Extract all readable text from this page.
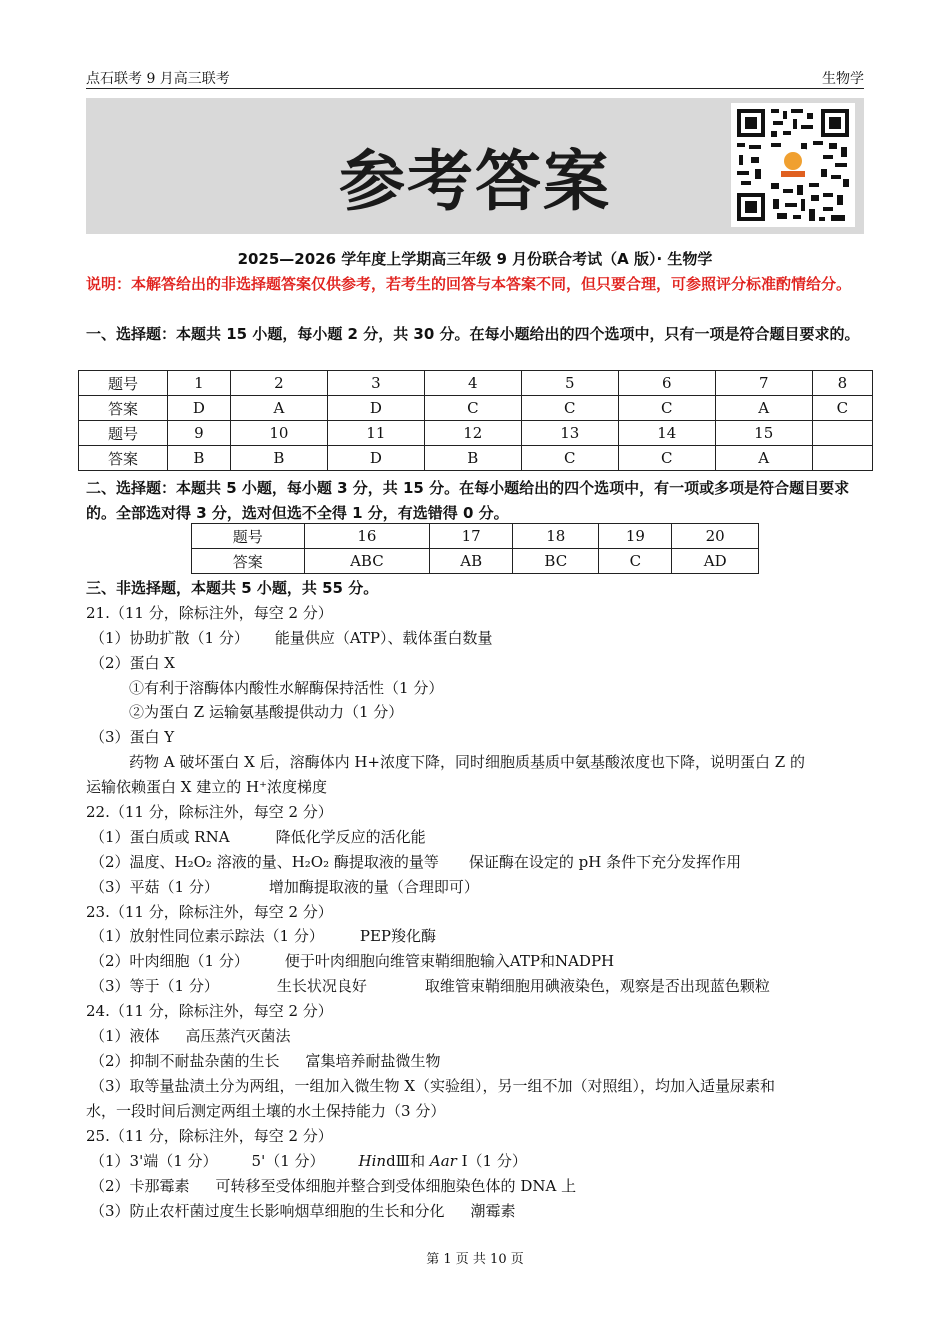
点石联考 9 月高三联考	生物学
参考答案
2025—2026 学年度上学期高三年级 9 月份联合考试（A 版）· 生物学
说明：本解答给出的非选择题答案仅供参考，若考生的回答与本答案不同，但只要合理，可参照评分标准酌情给分。
一、选择题：本题共 15 小题，每小题 2 分，共 30 分。在每小题给出的四个选项中，只有一项是符合题目要求的。
题号	1	2	3	4	5	6	7	8
答案	D	A	D	C	C	C	A	C
题号	9	10	11	12	13	14	15	
答案	B	B	D	B	C	C	A	
二、选择题：本题共 5 小题，每小题 3 分，共 15 分。在每小题给出的四个选项中，有一项或多项是符合题目要求的。全部选对得 3 分，选对但选不全得 1 分，有选错得 0 分。
题号	16	17	18	19	20
答案	ABC	AB	BC	C	AD
三、非选择题，本题共 5 小题，共 55 分。
21.（11 分，除标注外，每空 2 分）
（1）协助扩散（1 分） 能量供应（ATP）、载体蛋白数量
（2）蛋白 X
①有利于溶酶体内酸性水解酶保持活性（1 分）
②为蛋白 Z 运输氨基酸提供动力（1 分）
（3）蛋白 Y
药物 A 破坏蛋白 X 后，溶酶体内 H+浓度下降，同时细胞质基质中氨基酸浓度也下降，说明蛋白 Z 的
运输依赖蛋白 X 建立的 H⁺浓度梯度
22.（11 分，除标注外，每空 2 分）
（1）蛋白质或 RNA	降低化学反应的活化能
（2）温度、H₂O₂ 溶液的量、H₂O₂ 酶提取液的量等 保证酶在设定的 pH 条件下充分发挥作用
（3）平菇（1 分）	增加酶提取液的量（合理即可）
23.（11 分，除标注外，每空 2 分）
（1）放射性同位素示踪法（1 分） PEP羧化酶
（2）叶肉细胞（1 分） 便于叶肉细胞向维管束鞘细胞输入ATP和NADPH
（3）等于（1 分）	生长状况良好	取维管束鞘细胞用碘液染色，观察是否出现蓝色颗粒
24.（11 分，除标注外，每空 2 分）
（1）液体 高压蒸汽灭菌法
（2）抑制不耐盐杂菌的生长 富集培养耐盐微生物
（3）取等量盐渍土分为两组，一组加入微生物 X（实验组），另一组不加（对照组），均加入适量尿素和
水，一段时间后测定两组土壤的水土保持能力（3 分）
25.（11 分，除标注外，每空 2 分）
（1）3'端（1 分） 5'（1 分） HindⅢ和 Aar Ⅰ（1 分）
（2）卡那霉素 可转移至受体细胞并整合到受体细胞染色体的 DNA 上
（3）防止农杆菌过度生长影响烟草细胞的生长和分化 潮霉素
第 1 页 共 10 页
